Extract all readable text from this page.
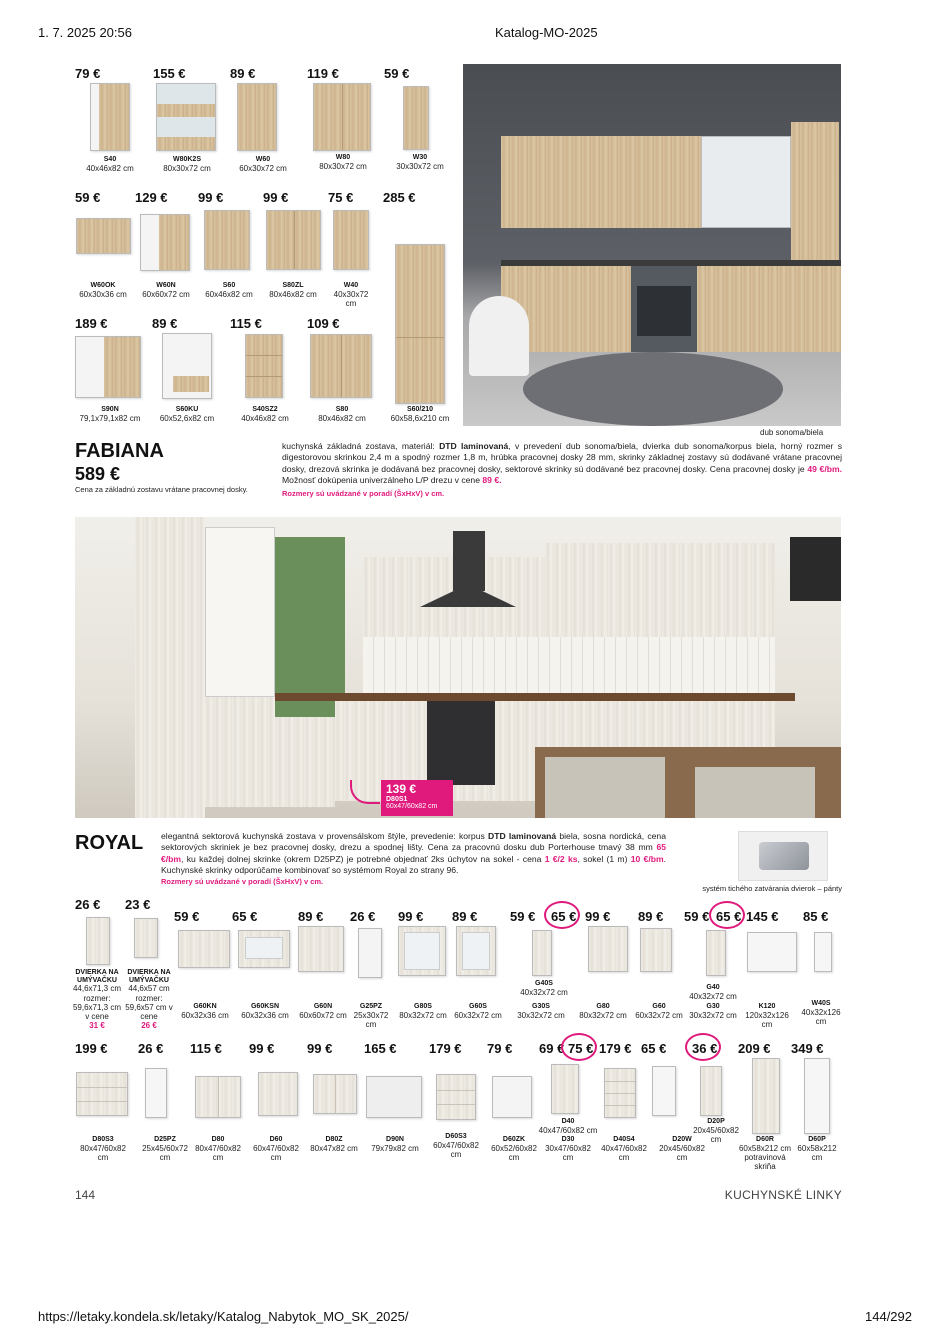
1. 7. 2025 20:56	Katalog-MO-2025
79 €	155 €	89 €	119 €	59 €
S40
40x46x82 cm
W80K2S
80x30x72 cm
W60
60x30x72 cm
W80
80x30x72 cm
W30
30x30x72 cm
59 €	129 € 99 €	99 €	75 € 285 €
W60OK
60x30x36 cm
W60N
60x60x72 cm
S60
60x46x82 cm
S80ZL
80x46x82 cm
W40
40x30x72 cm
S60/210
60x58,6x210 cm
189 €	89 €	115 €	109 €
S90N
79,1x79,1x82 cm
S60KU
60x52,6x82 cm
S40SZ2
40x46x82 cm
S80
80x46x82 cm
dub sonoma/biela
FABIANA
589 €
Cena za základnú zostavu vrátane pracovnej dosky.
kuchynská základná zostava, materiál: DTD laminovaná, v prevedení dub sonoma/biela, dvierka dub sonoma/korpus biela, horný rozmer s digestorovou skrinkou 2,4 m a spodný rozmer 1,8 m, hrúbka pracovnej dosky 28 mm, skrinky základnej zostavy sú dodávané vrátane pracovnej dosky, drezová skrinka je dodávaná bez pracovnej dosky, sektorové skrinky sú dodávané bez pracovnej dosky. Cena pracovnej dosky je 49 €/bm. Možnosť dokúpenia univerzálneho L/P drezu v cene 89 €.
Rozmery sú uvádzané v poradí (ŠxHxV) v cm.
139 €
D80S1
60x47/60x82 cm
ROYAL elegantná sektorová kuchynská zostava v provensálskom štýle, prevedenie: korpus DTD laminovaná biela, sosna nordická, cena sektorových skriniek je bez pracovnej dosky, drezu a spodnej lišty. Cena za pracovnú dosku dub Porterhouse tmavý 38 mm 65 €/bm, ku každej dolnej skrinke (okrem D25PZ) je potrebné objednať 2ks úchytov na sokel - cena 1 €/2 ks, sokel (1 m) 10 €/bm. Kuchynské skrinky odporúčame kombinovať so systémom Royal zo strany 96.
Rozmery sú uvádzané v poradí (ŠxHxV) v cm.
systém tichého zatvárania dvierok – pánty
26 € 23 €
DVIERKA NA UMÝVAČKU
44,6x71,3 cm rozmer: 59,6x71,3 cm v cene
31 €
DVIERKA NA UMÝVAČKU
44,6x57 cm rozmer: 59,6x57 cm v cene
26 €
59 €	65 €	89 € 26 € 99 € 89 €	59 € 65 € 99 € 89 € 59 € 65 € 145 € 85 €
G60KN
60x32x36 cm
G60KSN
60x32x36 cm
G60N
60x60x72 cm
G25PZ
25x30x72 cm
G80S
80x32x72 cm
G60S
60x32x72 cm
G30S
30x32x72 cm
G40S
40x32x72 cm
G80
80x32x72 cm
G60
60x32x72 cm
G30
30x32x72 cm
G40
40x32x72 cm
K120
120x32x126 cm
W40S
40x32x126 cm
199 € 26 € 115 € 99 €	99 € 165 € 179 € 79 € 69 € 75 € 179 € 65 € 36 € 209 € 349 €
D80S3
80x47/60x82 cm
D25PZ
25x45/60x72 cm
D80
80x47/60x82 cm
D60
60x47/60x82 cm
D80Z
80x47x82 cm
D90N
79x79x82 cm
D60S3
60x47/60x82 cm
D60ZK
60x52/60x82 cm
D30
30x47/60x82 cm
D40
40x47/60x82 cm
D40S4
40x47/60x82 cm
D20W
20x45/60x82 cm
D20P
20x45/60x82 cm	D60R
60x58x212 cm potravinová skriňa
D60P
60x58x212 cm
144	KUCHYNSKÉ LINKY
https://letaky.kondela.sk/letaky/Katalog_Nabytok_MO_SK_2025/	144/292
